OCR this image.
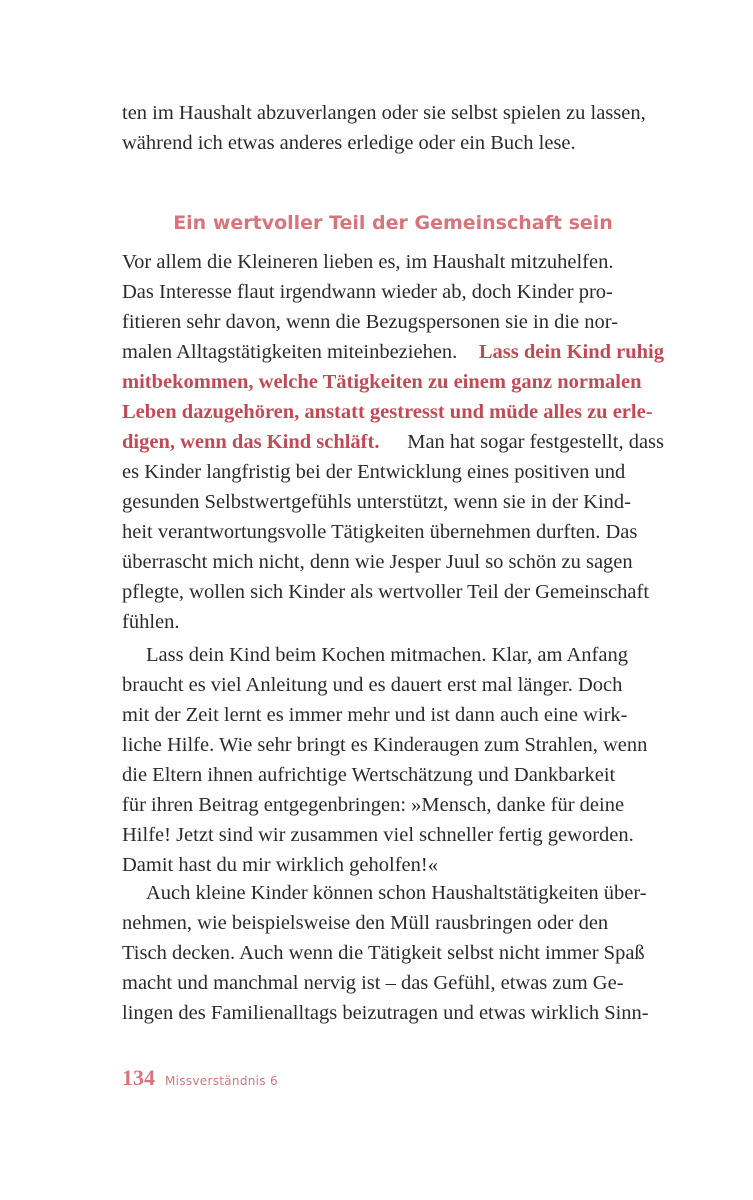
ten im Haushalt abzuverlangen oder sie selbst spielen zu lassen,
während ich etwas anderes erledige oder ein Buch lese.
Ein wertvoller Teil der Gemeinschaft sein
Vor allem die Kleineren lieben es, im Haushalt mitzuhelfen.
Das Interesse flaut irgendwann wieder ab, doch Kinder pro-
fitieren sehr davon, wenn die Bezugspersonen sie in die nor-
malen Alltagstätigkeiten miteinbeziehen. Lass dein Kind ruhig
mitbekommen, welche Tätigkeiten zu einem ganz normalen
Leben dazugehören, anstatt gestresst und müde alles zu erle-
digen, wenn das Kind schläft. Man hat sogar festgestellt, dass
es Kinder langfristig bei der Entwicklung eines positiven und
gesunden Selbstwertgefühls unterstützt, wenn sie in der Kind-
heit verantwortungsvolle Tätigkeiten übernehmen durften. Das
überrascht mich nicht, denn wie Jesper Juul so schön zu sagen
pflegte, wollen sich Kinder als wertvoller Teil der Gemeinschaft
fühlen.
Lass dein Kind beim Kochen mitmachen. Klar, am Anfang
braucht es viel Anleitung und es dauert erst mal länger. Doch
mit der Zeit lernt es immer mehr und ist dann auch eine wirk-
liche Hilfe. Wie sehr bringt es Kinderaugen zum Strahlen, wenn
die Eltern ihnen aufrichtige Wertschätzung und Dankbarkeit
für ihren Beitrag entgegenbringen: »Mensch, danke für deine
Hilfe! Jetzt sind wir zusammen viel schneller fertig geworden.
Damit hast du mir wirklich geholfen!«
Auch kleine Kinder können schon Haushaltstätigkeiten über-
nehmen, wie beispielsweise den Müll rausbringen oder den
Tisch decken. Auch wenn die Tätigkeit selbst nicht immer Spaß
macht und manchmal nervig ist – das Gefühl, etwas zum Ge-
lingen des Familienalltags beizutragen und etwas wirklich Sinn-
134 Missverständnis 6
